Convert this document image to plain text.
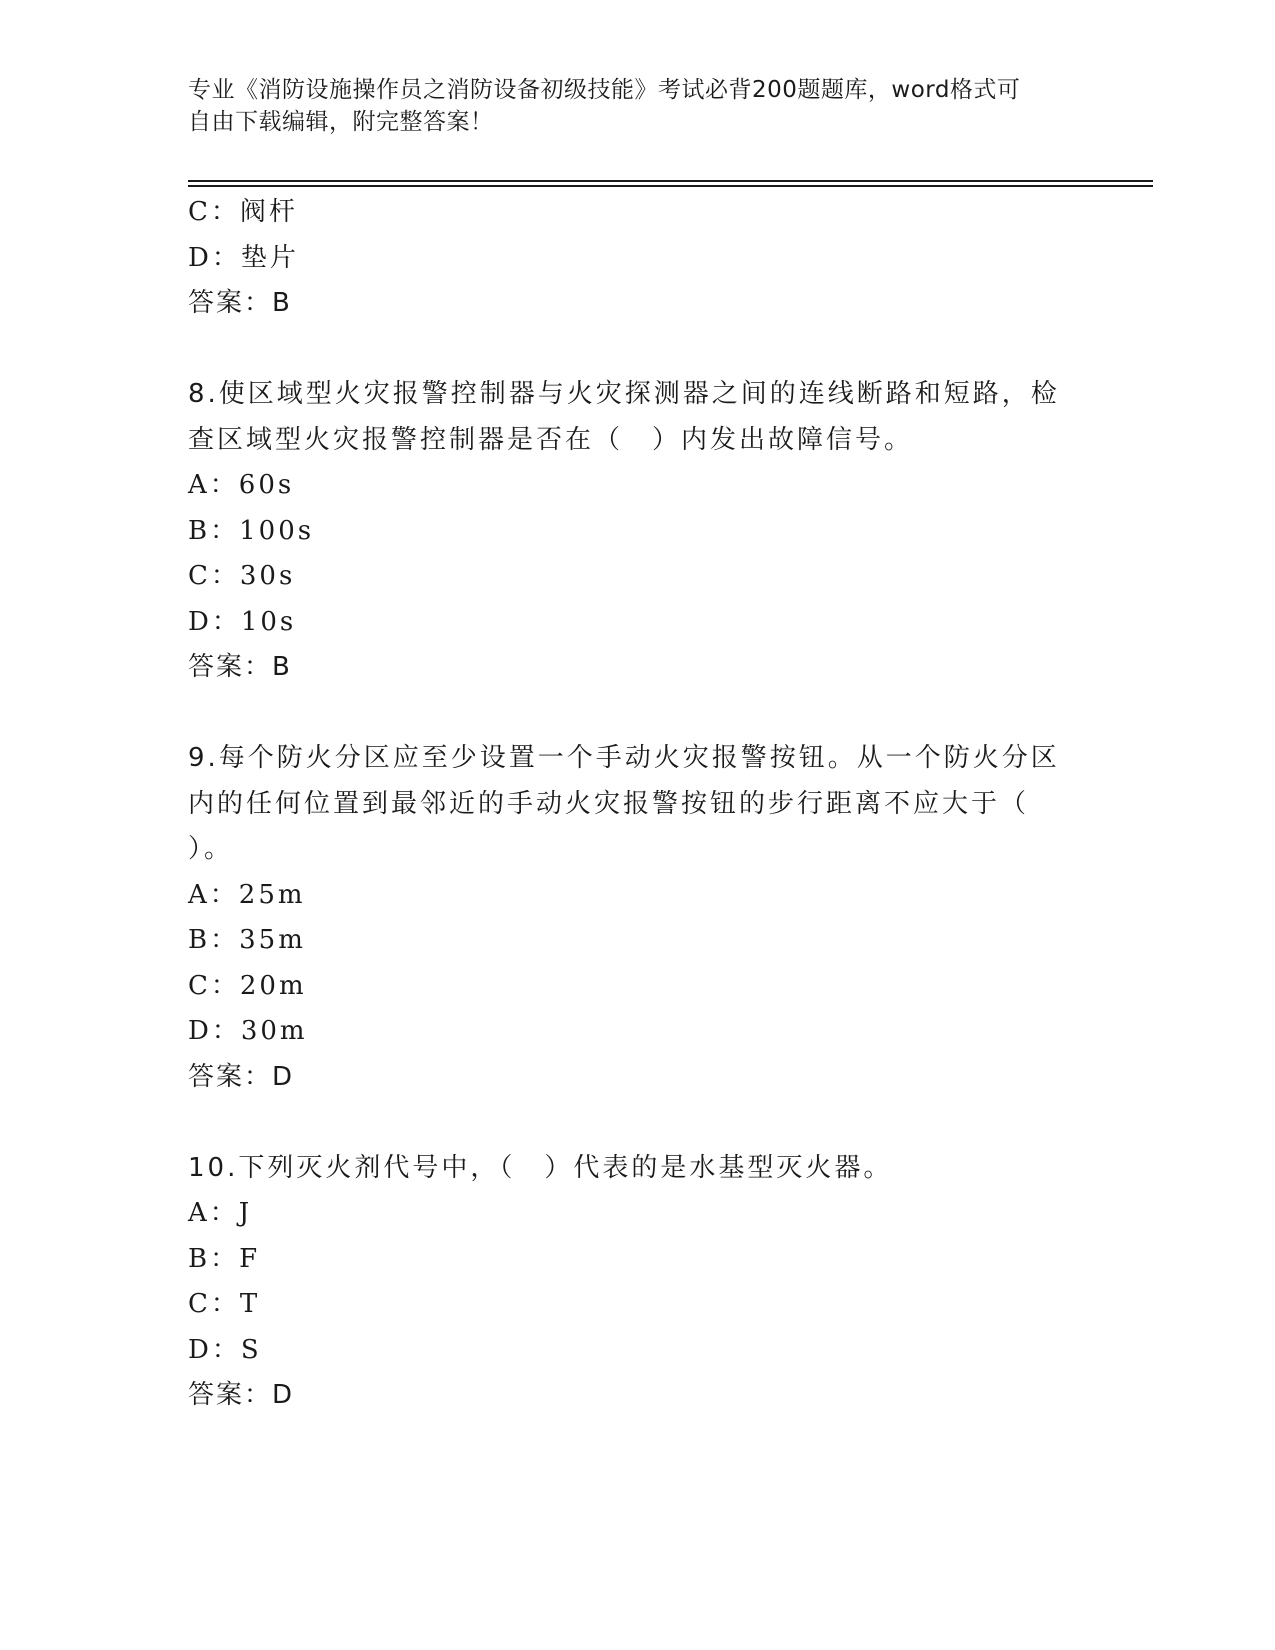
专业《消防设施操作员之消防设备初级技能》考试必背200题题库，word格式可
自由下载编辑，附完整答案！
C：阀杆
D：垫片
答案：B
8.使区域型火灾报警控制器与火灾探测器之间的连线断路和短路，检
查区域型火灾报警控制器是否在（　）内发出故障信号。
A：60s
B：100s
C：30s
D：10s
答案：B
9.每个防火分区应至少设置一个手动火灾报警按钮。从一个防火分区
内的任何位置到最邻近的手动火灾报警按钮的步行距离不应大于（
）。
A：25m
B：35m
C：20m
D：30m
答案：D
10.下列灭火剂代号中，（　）代表的是水基型灭火器。
A：J
B：F
C：T
D：S
答案：D
